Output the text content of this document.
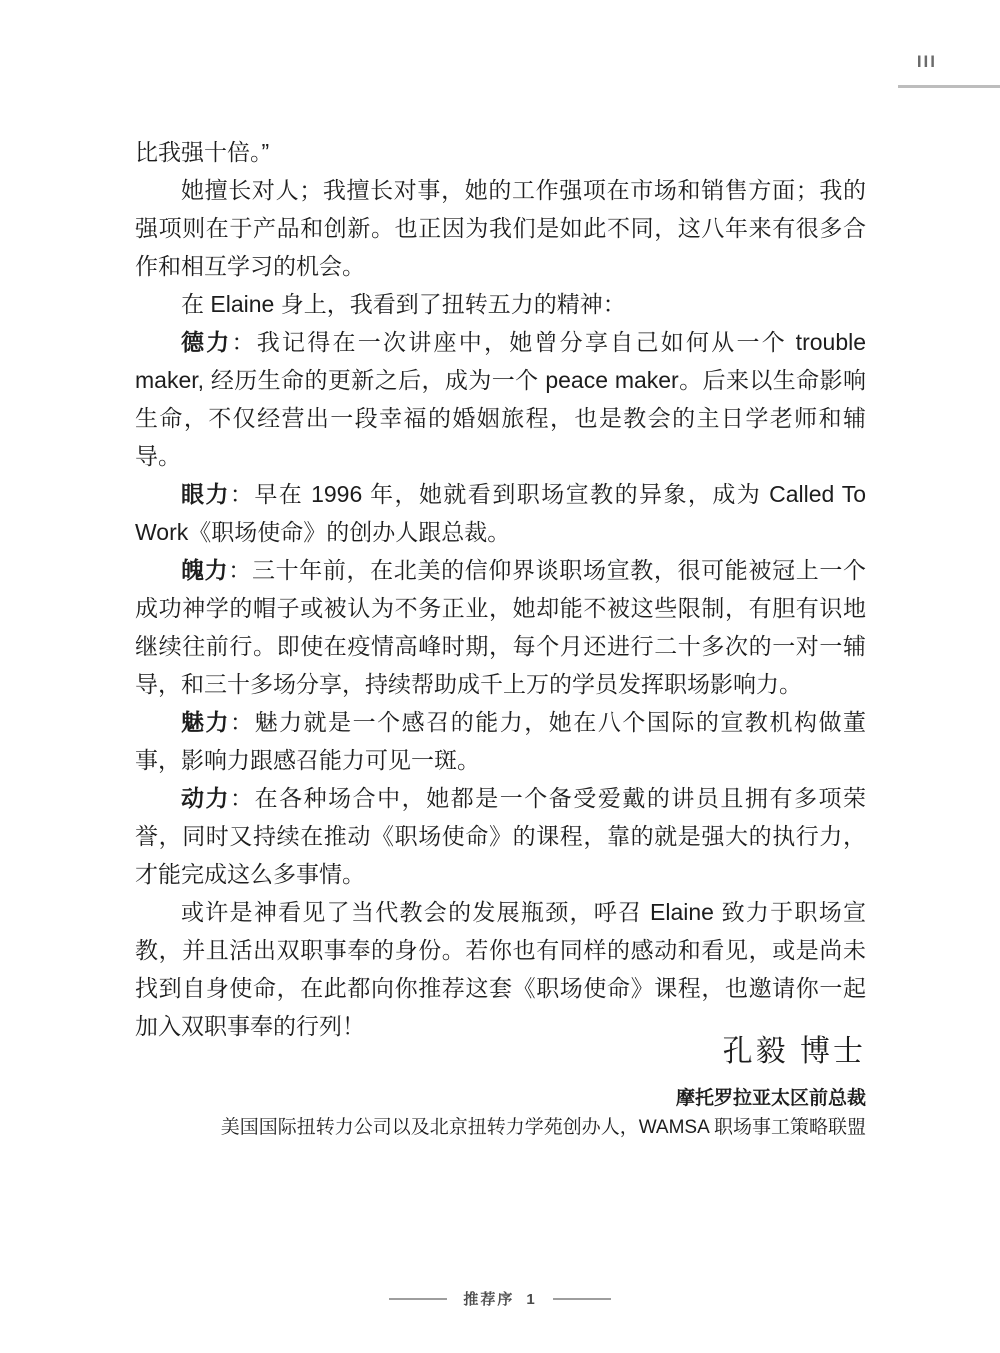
III

比我强十倍。”

她擅长对人；我擅长对事，她的工作强项在市场和销售方面；我的强项则在于产品和创新。也正因为我们是如此不同，这八年来有很多合作和相互学习的机会。

在 Elaine 身上，我看到了扭转五力的精神：

德力：我记得在一次讲座中，她曾分享自己如何从一个 trouble maker, 经历生命的更新之后，成为一个 peace maker。后来以生命影响生命，不仅经营出一段幸福的婚姻旅程，也是教会的主日学老师和辅导。

眼力：早在 1996 年，她就看到职场宣教的异象，成为 Called To Work《职场使命》的创办人跟总裁。

魄力：三十年前，在北美的信仰界谈职场宣教，很可能被冠上一个成功神学的帽子或被认为不务正业，她却能不被这些限制，有胆有识地继续往前行。即使在疫情高峰时期，每个月还进行二十多次的一对一辅导，和三十多场分享，持续帮助成千上万的学员发挥职场影响力。

魅力：魅力就是一个感召的能力，她在八个国际的宣教机构做董事，影响力跟感召能力可见一斑。

动力：在各种场合中，她都是一个备受爱戴的讲员且拥有多项荣誉，同时又持续在推动《职场使命》的课程，靠的就是强大的执行力，才能完成这么多事情。

或许是神看见了当代教会的发展瓶颈，呼召 Elaine 致力于职场宣教，并且活出双职事奉的身份。若你也有同样的感动和看见，或是尚未找到自身使命，在此都向你推荐这套《职场使命》课程，也邀请你一起加入双职事奉的行列！

孔毅 博士

摩托罗拉亚太区前总裁

美国国际扭转力公司以及北京扭转力学苑创办人，WAMSA 职场事工策略联盟

推荐序 1
